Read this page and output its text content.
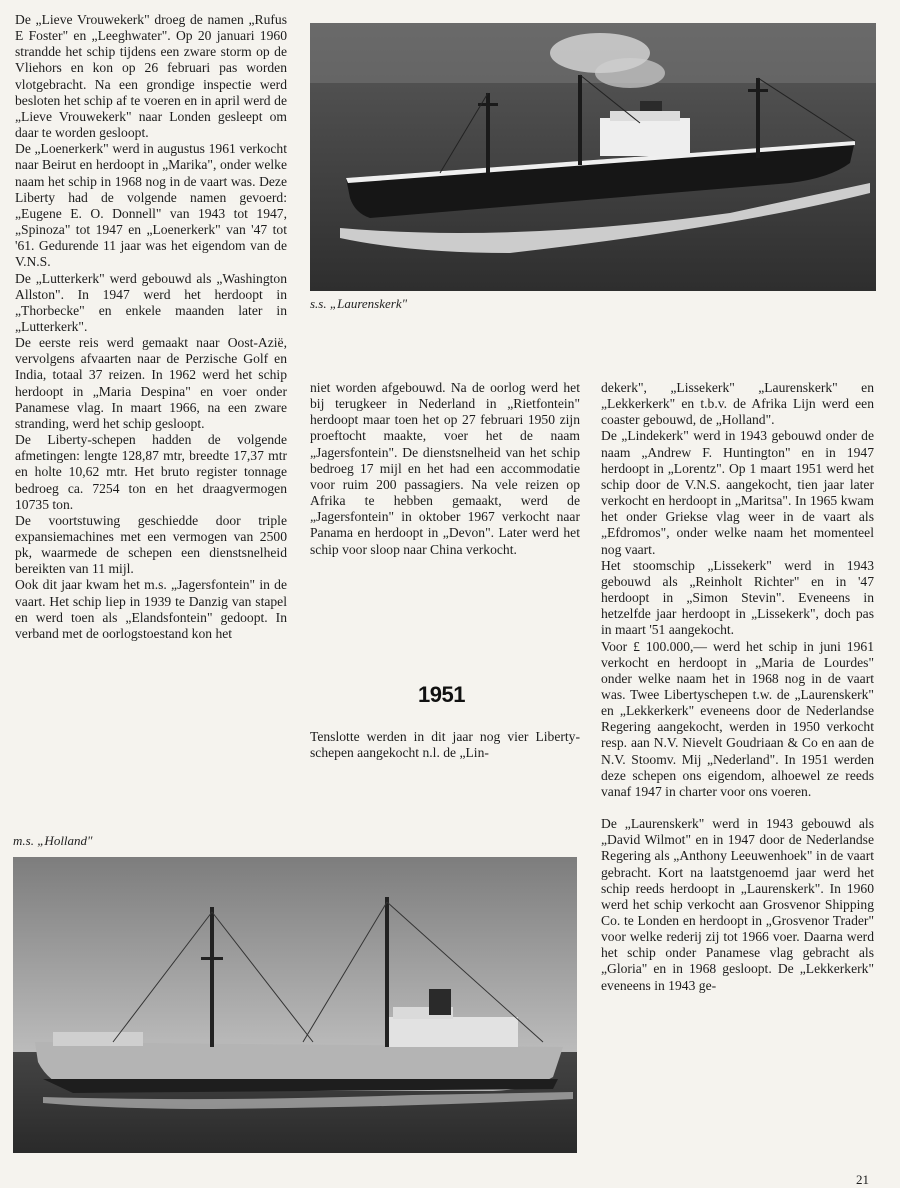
s.s. „Laurenskerk"

De „Lieve Vrouwekerk" droeg de namen „Rufus E Foster" en „Leeghwater". Op 20 januari 1960 strandde het schip tijdens een zware storm op de Vliehors en kon op 26 februari pas worden vlotgebracht. Na een grondige inspectie werd besloten het schip af te voeren en in april werd de „Lieve Vrouwekerk" naar Londen gesleept om daar te worden gesloopt.

De „Loenerkerk" werd in augustus 1961 verkocht naar Beirut en herdoopt in „Marika", onder welke naam het schip in 1968 nog in de vaart was. Deze Liberty had de volgende namen gevoerd: „Eugene E. O. Donnell" van 1943 tot 1947, „Spinoza" tot 1947 en „Loenerkerk" van '47 tot '61. Gedurende 11 jaar was het eigendom van de V.N.S.

De „Lutterkerk" werd gebouwd als „Washington Allston". In 1947 werd het herdoopt in „Thorbecke" en enkele maanden later in „Lutterkerk".

De eerste reis werd gemaakt naar Oost-Azië, vervolgens afvaarten naar de Perzische Golf en India, totaal 37 reizen. In 1962 werd het schip herdoopt in „Maria Despina" en voer onder Panamese vlag. In maart 1966, na een zware stranding, werd het schip gesloopt.

De Liberty-schepen hadden de volgende afmetingen: lengte 128,87 mtr, breedte 17,37 mtr en holte 10,62 mtr. Het bruto register tonnage bedroeg ca. 7254 ton en het draagvermogen 10735 ton.

De voortstuwing geschiedde door triple expansiemachines met een vermogen van 2500 pk, waarmede de schepen een dienstsnelheid bereikten van 11 mijl.

Ook dit jaar kwam het m.s. „Jagersfontein" in de vaart. Het schip liep in 1939 te Danzig van stapel en werd toen als „Elandsfontein" gedoopt. In verband met de oorlogstoestand kon het

niet worden afgebouwd. Na de oorlog werd het bij terugkeer in Nederland in „Rietfontein" herdoopt maar toen het op 27 februari 1950 zijn proeftocht maakte, voer het de naam „Jagersfontein". De dienstsnelheid van het schip bedroeg 17 mijl en het had een accommodatie voor ruim 200 passagiers. Na vele reizen op Afrika te hebben gemaakt, werd de „Jagersfontein" in oktober 1967 verkocht naar Panama en herdoopt in „Devon". Later werd het schip voor sloop naar China verkocht.

1951

Tenslotte werden in dit jaar nog vier Liberty-schepen aangekocht n.l. de „Lin-

dekerk", „Lissekerk" „Laurenskerk" en „Lekkerkerk" en t.b.v. de Afrika Lijn werd een coaster gebouwd, de „Holland".

De „Lindekerk" werd in 1943 gebouwd onder de naam „Andrew F. Huntington" en in 1947 herdoopt in „Lorentz". Op 1 maart 1951 werd het schip door de V.N.S. aangekocht, tien jaar later verkocht en herdoopt in „Maritsa". In 1965 kwam het onder Griekse vlag weer in de vaart als „Efdromos", onder welke naam het momenteel nog vaart.

Het stoomschip „Lissekerk" werd in 1943 gebouwd als „Reinholt Richter" en in '47 herdoopt in „Simon Stevin". Eveneens in hetzelfde jaar herdoopt in „Lissekerk", doch pas in maart '51 aangekocht.

Voor £ 100.000,— werd het schip in juni 1961 verkocht en herdoopt in „Maria de Lourdes" onder welke naam het in 1968 nog in de vaart was. Twee Libertyschepen t.w. de „Laurenskerk" en „Lekkerkerk" eveneens door de Nederlandse Regering aangekocht, werden in 1950 verkocht resp. aan N.V. Nievelt Goudriaan & Co en aan de N.V. Stoomv. Mij „Nederland". In 1951 werden deze schepen ons eigendom, alhoewel ze reeds vanaf 1947 in charter voor ons voeren.

De „Laurenskerk" werd in 1943 gebouwd als „David Wilmot" en in 1947 door de Nederlandse Regering als „Anthony Leeuwenhoek" in de vaart gebracht. Kort na laatstgenoemd jaar werd het schip reeds herdoopt in „Laurenskerk". In 1960 werd het schip verkocht aan Grosvenor Shipping Co. te Londen en herdoopt in „Grosvenor Trader" voor welke rederij zij tot 1966 voer. Daarna werd het schip onder Panamese vlag gebracht als „Gloria" en in 1968 gesloopt. De „Lekkerkerk" eveneens in 1943 ge-

m.s. „Holland"
21
